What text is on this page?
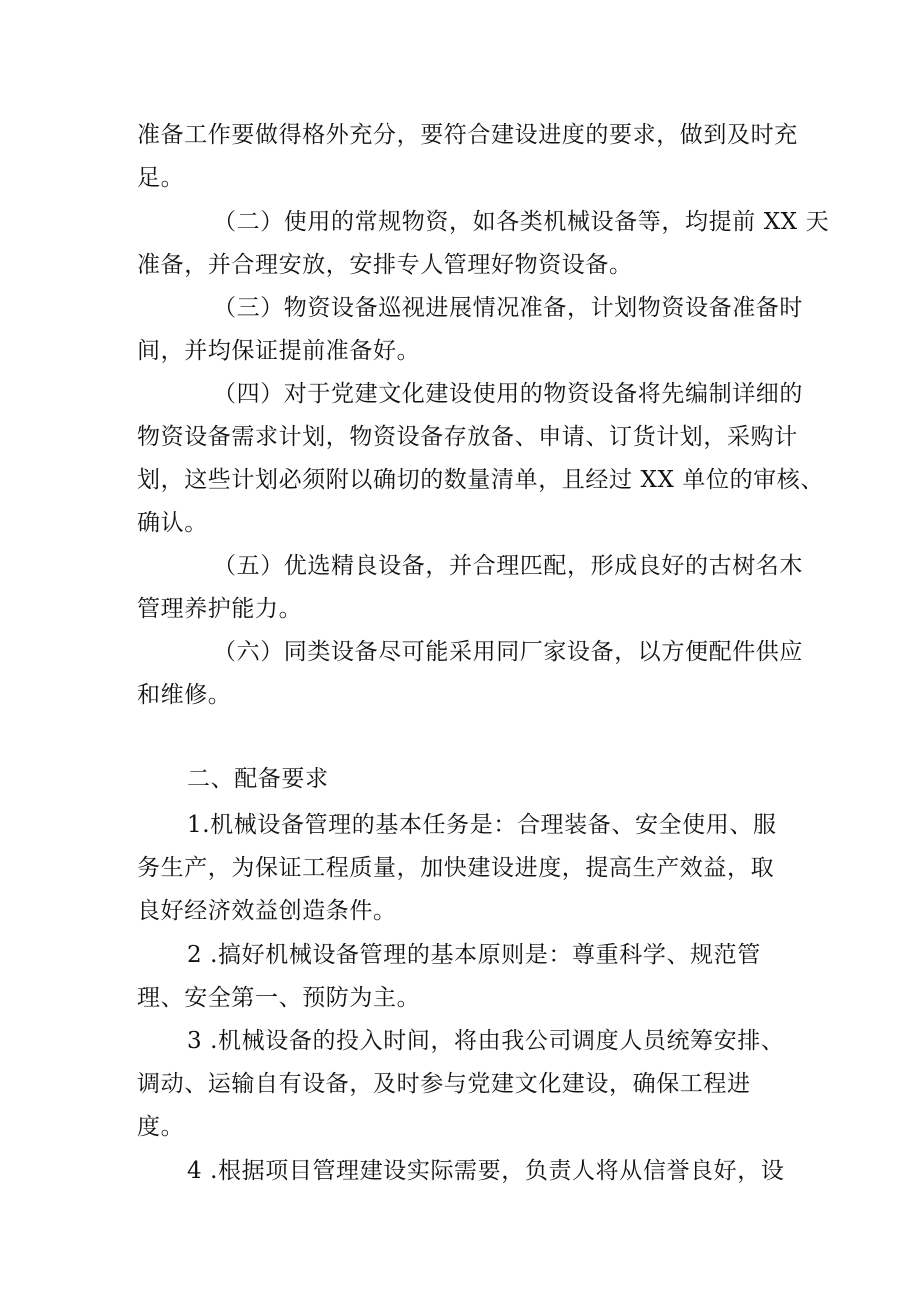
准备工作要做得格外充分，要符合建设进度的要求，做到及时充
足。
（二）使用的常规物资，如各类机械设备等，均提前 XX 天
准备，并合理安放，安排专人管理好物资设备。
（三）物资设备巡视进展情况准备，计划物资设备准备时
间，并均保证提前准备好。
（四）对于党建文化建设使用的物资设备将先编制详细的
物资设备需求计划，物资设备存放备、申请、订货计划，采购计
划，这些计划必须附以确切的数量清单，且经过 XX 单位的审核、
确认。
（五）优选精良设备，并合理匹配，形成良好的古树名木
管理养护能力。
（六）同类设备尽可能采用同厂家设备，以方便配件供应
和维修。
二、配备要求
1.机械设备管理的基本任务是：合理装备、安全使用、服
务生产，为保证工程质量，加快建设进度，提高生产效益，取
良好经济效益创造条件。
2 .搞好机械设备管理的基本原则是：尊重科学、规范管
理、安全第一、预防为主。
3 .机械设备的投入时间，将由我公司调度人员统筹安排、
调动、运输自有设备，及时参与党建文化建设，确保工程进
度。
4 .根据项目管理建设实际需要，负责人将从信誉良好，设
